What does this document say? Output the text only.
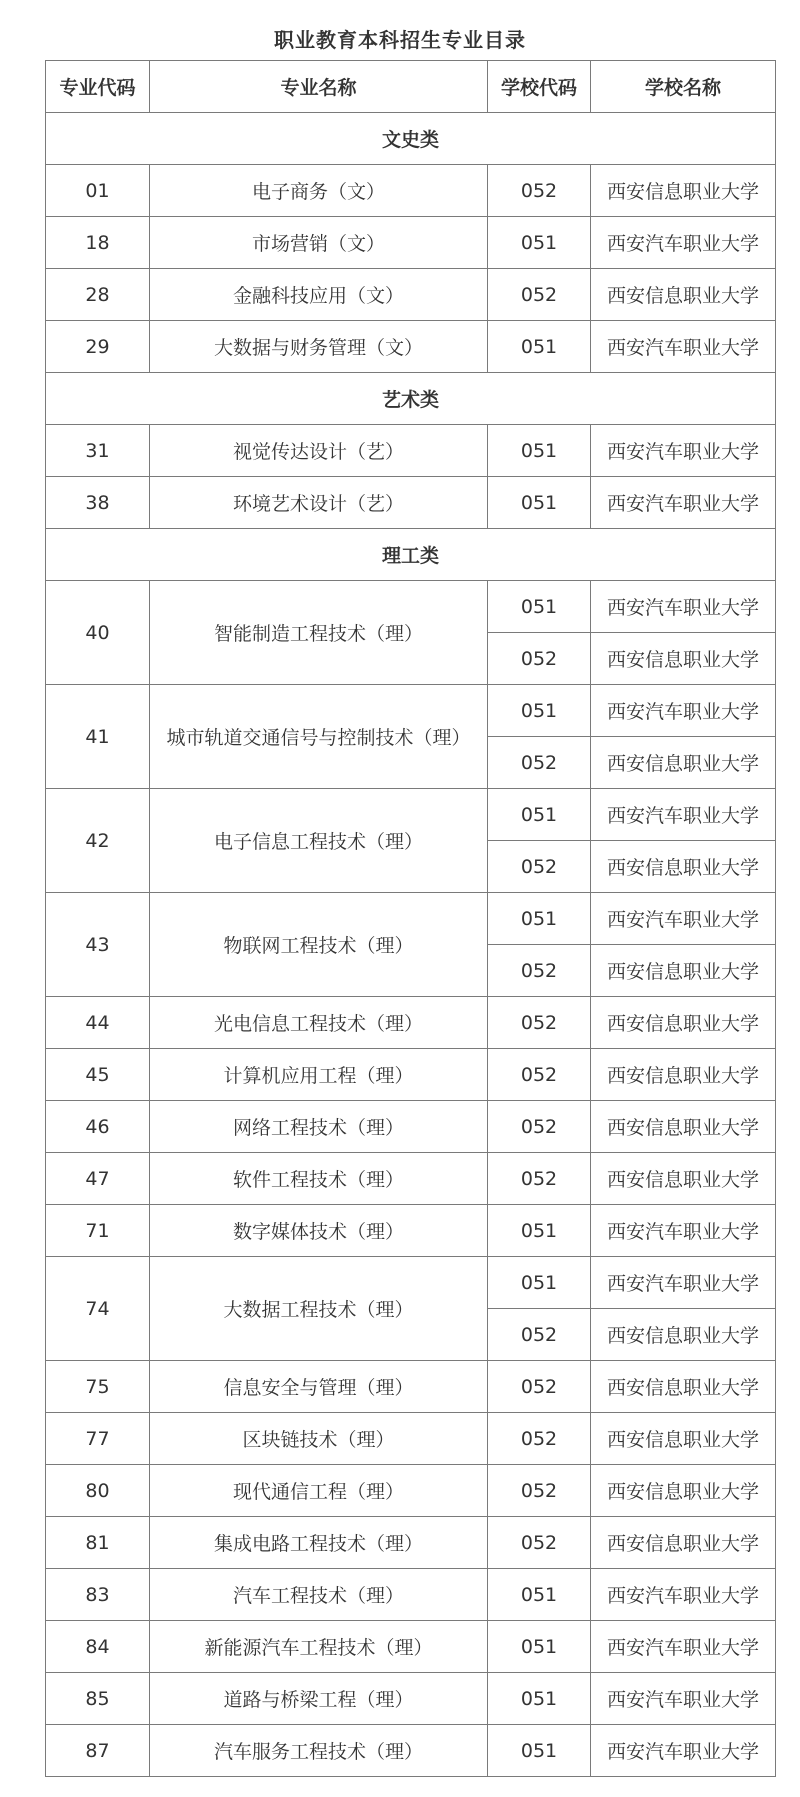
职业教育本科招生专业目录
专业代码	专业名称	学校代码	学校名称
文史类			
01	电子商务（文）	052	西安信息职业大学
18	市场营销（文）	051	西安汽车职业大学
28	金融科技应用（文）	052	西安信息职业大学
29	大数据与财务管理（文）	051	西安汽车职业大学
艺术类			
31	视觉传达设计（艺）	051	西安汽车职业大学
38	环境艺术设计（艺）	051	西安汽车职业大学
理工类			
40	智能制造工程技术（理）	051	西安汽车职业大学
		052	西安信息职业大学
41	城市轨道交通信号与控制技术（理）	051	西安汽车职业大学
		052	西安信息职业大学
42	电子信息工程技术（理）	051	西安汽车职业大学
		052	西安信息职业大学
43	物联网工程技术（理）	051	西安汽车职业大学
		052	西安信息职业大学
44	光电信息工程技术（理）	052	西安信息职业大学
45	计算机应用工程（理）	052	西安信息职业大学
46	网络工程技术（理）	052	西安信息职业大学
47	软件工程技术（理）	052	西安信息职业大学
71	数字媒体技术（理）	051	西安汽车职业大学
74	大数据工程技术（理）	051	西安汽车职业大学
		052	西安信息职业大学
75	信息安全与管理（理）	052	西安信息职业大学
77	区块链技术（理）	052	西安信息职业大学
80	现代通信工程（理）	052	西安信息职业大学
81	集成电路工程技术（理）	052	西安信息职业大学
83	汽车工程技术（理）	051	西安汽车职业大学
84	新能源汽车工程技术（理）	051	西安汽车职业大学
85	道路与桥梁工程（理）	051	西安汽车职业大学
87	汽车服务工程技术（理）	051	西安汽车职业大学
